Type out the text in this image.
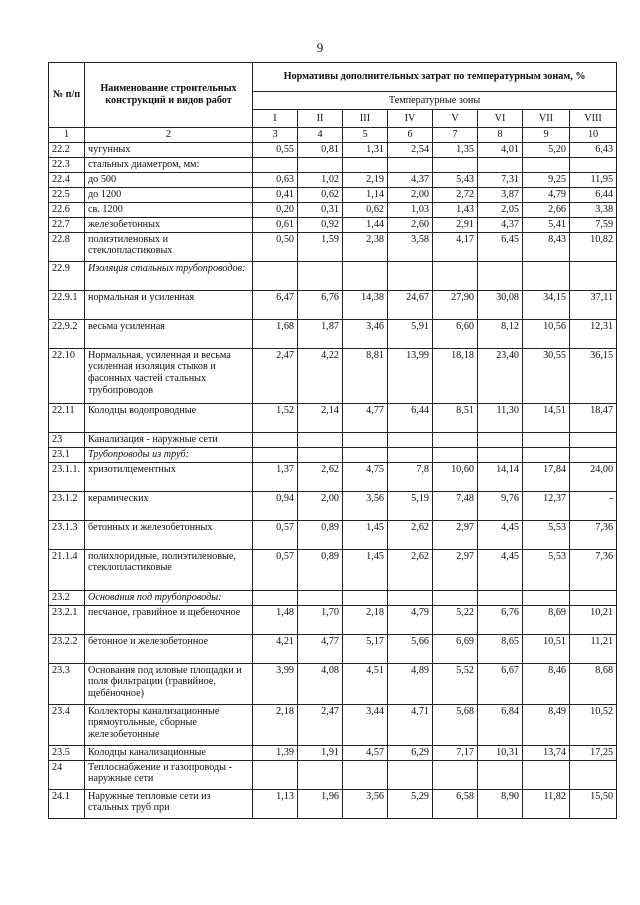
9
№ п/п	Наименование строительных конструкций и видов работ	Нормативы дополнительных затрат по температурным зонам, %							
		Температурные зоны							
		I	II	III	IV	V	VI	VII	VIII
1	2	3	4	5	6	7	8	9	10
22.2	чугунных	0,55	0,81	1,31	2,54	1,35	4,01	5,20	6,43
22.3	стальных диаметром, мм:								
22.4	до 500	0,63	1,02	2,19	4,37	5,43	7,31	9,25	11,95
22.5	до 1200	0,41	0,62	1,14	2,00	2,72	3,87	4,79	6,44
22.6	св. 1200	0,20	0,31	0,62	1,03	1,43	2,05	2,66	3,38
22.7	железобетонных	0,61	0,92	1,44	2,60	2,91	4,37	5,41	7,59
22.8	полиэтиленовых и стеклопластиковых	0,50	1,59	2,38	3,58	4,17	6,45	8,43	10,82
22.9	Изоляция стальных трубопроводов:								
22.9.1	нормальная и усиленная	6,47	6,76	14,38	24,67	27,90	30,08	34,15	37,11
22.9.2	весьма усиленная	1,68	1,87	3,46	5,91	6,60	8,12	10,56	12,31
22.10	Нормальная, усиленная и весьма усиленная изоляция стыков и фасонных частей стальных трубопроводов	2,47	4,22	8,81	13,99	18,18	23,40	30,55	36,15
22.11	Колодцы водопроводные	1,52	2,14	4,77	6,44	8,51	11,30	14,51	18,47
23	Канализация - наружные сети								
23.1	Трубопроводы из труб:								
23.1.1.	хризотилцементных	1,37	2,62	4,75	7,8	10,60	14,14	17,84	24,00
23.1.2	керамических	0,94	2,00	3,56	5,19	7,48	9,76	12,37	-
23.1.3	бетонных и железобетонных	0,57	0,89	1,45	2,62	2,97	4,45	5,53	7,36
21.1.4	полихлоридные, полиэтиленовые, стеклопластиковые	0,57	0,89	1,45	2,62	2,97	4,45	5,53	7,36
23.2	Основания под трубопроводы:								
23.2.1	песчаное, гравийное и щебеночное	1,48	1,70	2,18	4,79	5,22	6,76	8,69	10,21
23.2.2	бетонное и железобетонное	4,21	4,77	5,17	5,66	6,69	8,65	10,51	11,21
23.3	Основания под иловые площадки и поля фильтрации (гравийное, щебёночное)	3,99	4,08	4,51	4,89	5,52	6,67	8,46	8,68
23.4	Коллекторы канализационные прямоугольные, сборные железобетонные	2,18	2,47	3,44	4,71	5,68	6,84	8,49	10,52
23.5	Колодцы канализационные	1,39	1,91	4,57	6,29	7,17	10,31	13,74	17,25
24	Теплоснабжение и газопроводы - наружные сети								
24.1	Наружные тепловые сети из стальных труб при	1,13	1,96	3,56	5,29	6,58	8,90	11,82	15,50
